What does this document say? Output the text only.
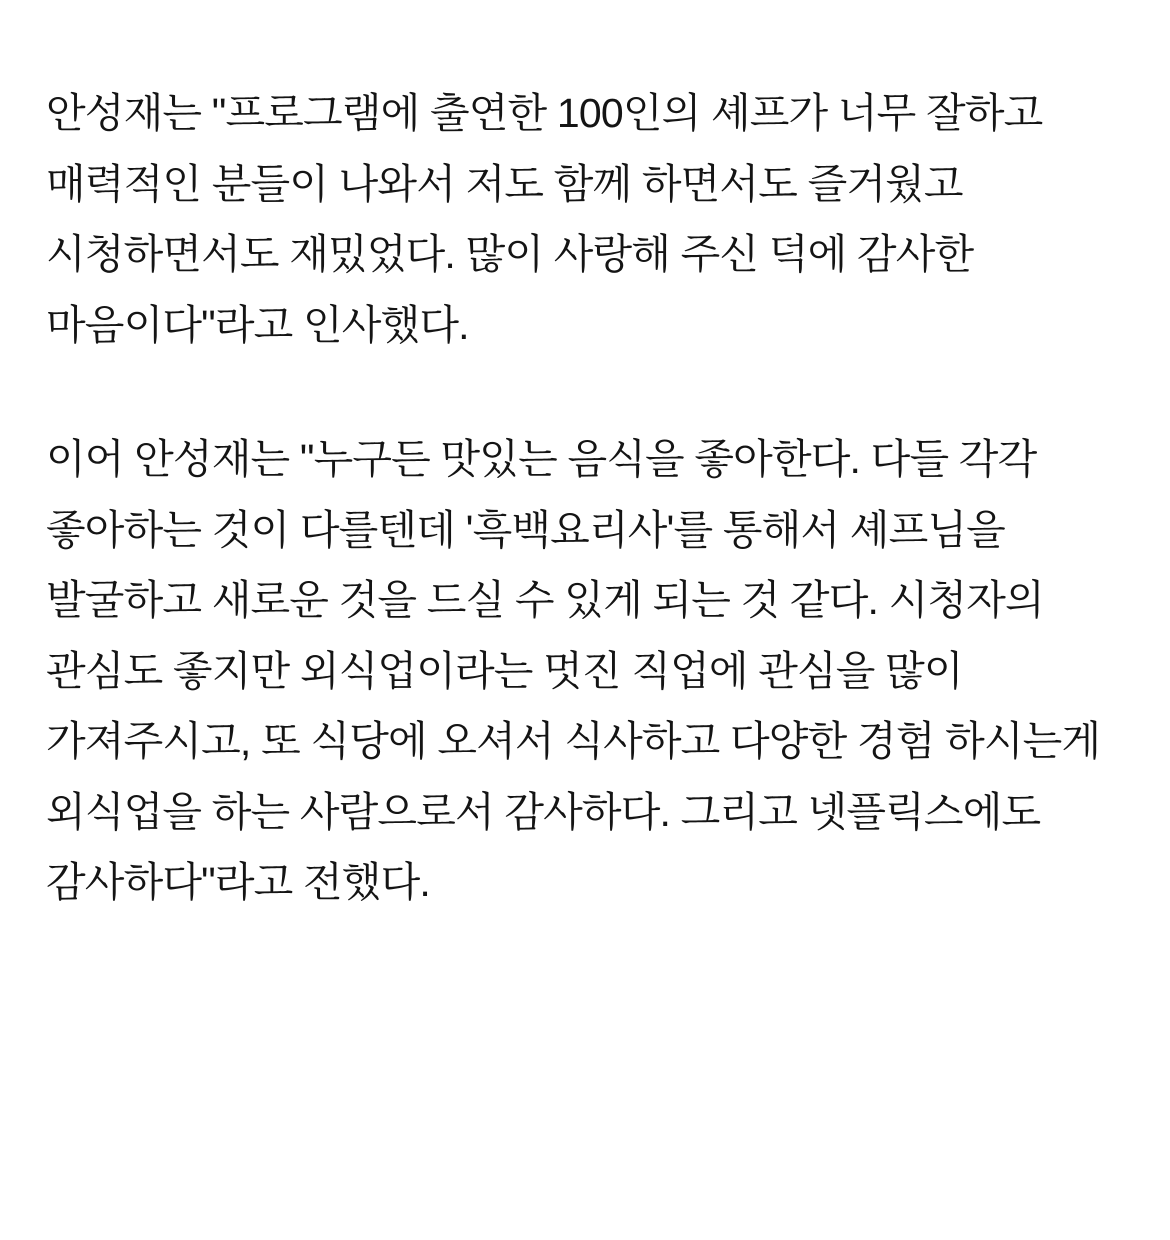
안성재는 "프로그램에 출연한 100인의 셰프가 너무 잘하고 매력적인 분들이 나와서 저도 함께 하면서도 즐거웠고 시청하면서도 재밌었다. 많이 사랑해 주신 덕에 감사한 마음이다"라고 인사했다.

이어 안성재는 "누구든 맛있는 음식을 좋아한다. 다들 각각 좋아하는 것이 다를텐데 '흑백요리사'를 통해서 셰프님을 발굴하고 새로운 것을 드실 수 있게 되는 것 같다. 시청자의 관심도 좋지만 외식업이라는 멋진 직업에 관심을 많이 가져주시고, 또 식당에 오셔서 식사하고 다양한 경험 하시는게 외식업을 하는 사람으로서 감사하다. 그리고 넷플릭스에도 감사하다"라고 전했다.
